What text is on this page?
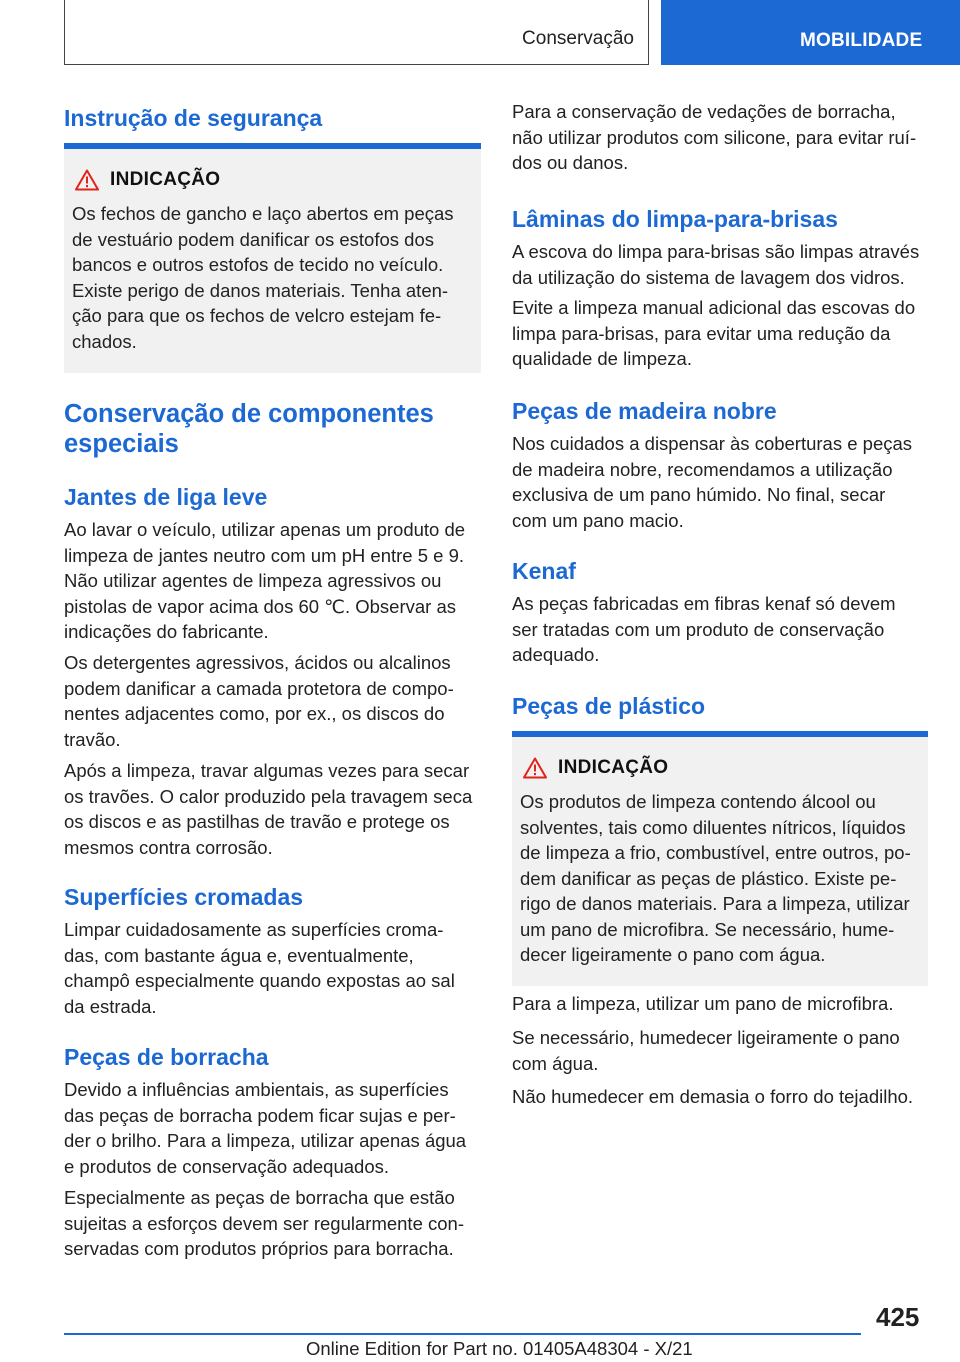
Conservação	MOBILIDADE
Instrução de segurança
INDICAÇÃO
Os fechos de gancho e laço abertos em peças
de vestuário podem danificar os estofos dos
bancos e outros estofos de tecido no veículo.
Existe perigo de danos materiais. Tenha aten‐
ção para que os fechos de velcro estejam fe‐
chados.
Conservação de componentes
especiais
Jantes de liga leve
Ao lavar o veículo, utilizar apenas um produto de
limpeza de jantes neutro com um pH entre 5 e 9.
Não utilizar agentes de limpeza agressivos ou
pistolas de vapor acima dos 60 ℃. Observar as
indicações do fabricante.
Os detergentes agressivos, ácidos ou alcalinos
podem danificar a camada protetora de compo‐
nentes adjacentes como, por ex., os discos do
travão.
Após a limpeza, travar algumas vezes para secar
os travões. O calor produzido pela travagem seca
os discos e as pastilhas de travão e protege os
mesmos contra corrosão.
Superfícies cromadas
Limpar cuidadosamente as superfícies croma‐
das, com bastante água e, eventualmente,
champô especialmente quando expostas ao sal
da estrada.
Peças de borracha
Devido a influências ambientais, as superfícies
das peças de borracha podem ficar sujas e per‐
der o brilho. Para a limpeza, utilizar apenas água
e produtos de conservação adequados.
Especialmente as peças de borracha que estão
sujeitas a esforços devem ser regularmente con‐
servadas com produtos próprios para borracha.
Para a conservação de vedações de borracha,
não utilizar produtos com silicone, para evitar ruí‐
dos ou danos.
Lâminas do limpa-para-brisas
A escova do limpa para-brisas são limpas através
da utilização do sistema de lavagem dos vidros.
Evite a limpeza manual adicional das escovas do
limpa para-brisas, para evitar uma redução da
qualidade de limpeza.
Peças de madeira nobre
Nos cuidados a dispensar às coberturas e peças
de madeira nobre, recomendamos a utilização
exclusiva de um pano húmido. No final, secar
com um pano macio.
Kenaf
As peças fabricadas em fibras kenaf só devem
ser tratadas com um produto de conservação
adequado.
Peças de plástico
INDICAÇÃO
Os produtos de limpeza contendo álcool ou
solventes, tais como diluentes nítricos, líquidos
de limpeza a frio, combustível, entre outros, po‐
dem danificar as peças de plástico. Existe pe‐
rigo de danos materiais. Para a limpeza, utilizar
um pano de microfibra. Se necessário, hume‐
decer ligeiramente o pano com água.
Para a limpeza, utilizar um pano de microfibra.
Se necessário, humedecer ligeiramente o pano
com água.
Não humedecer em demasia o forro do tejadilho.
425
Online Edition for Part no. 01405A48304 - X/21
